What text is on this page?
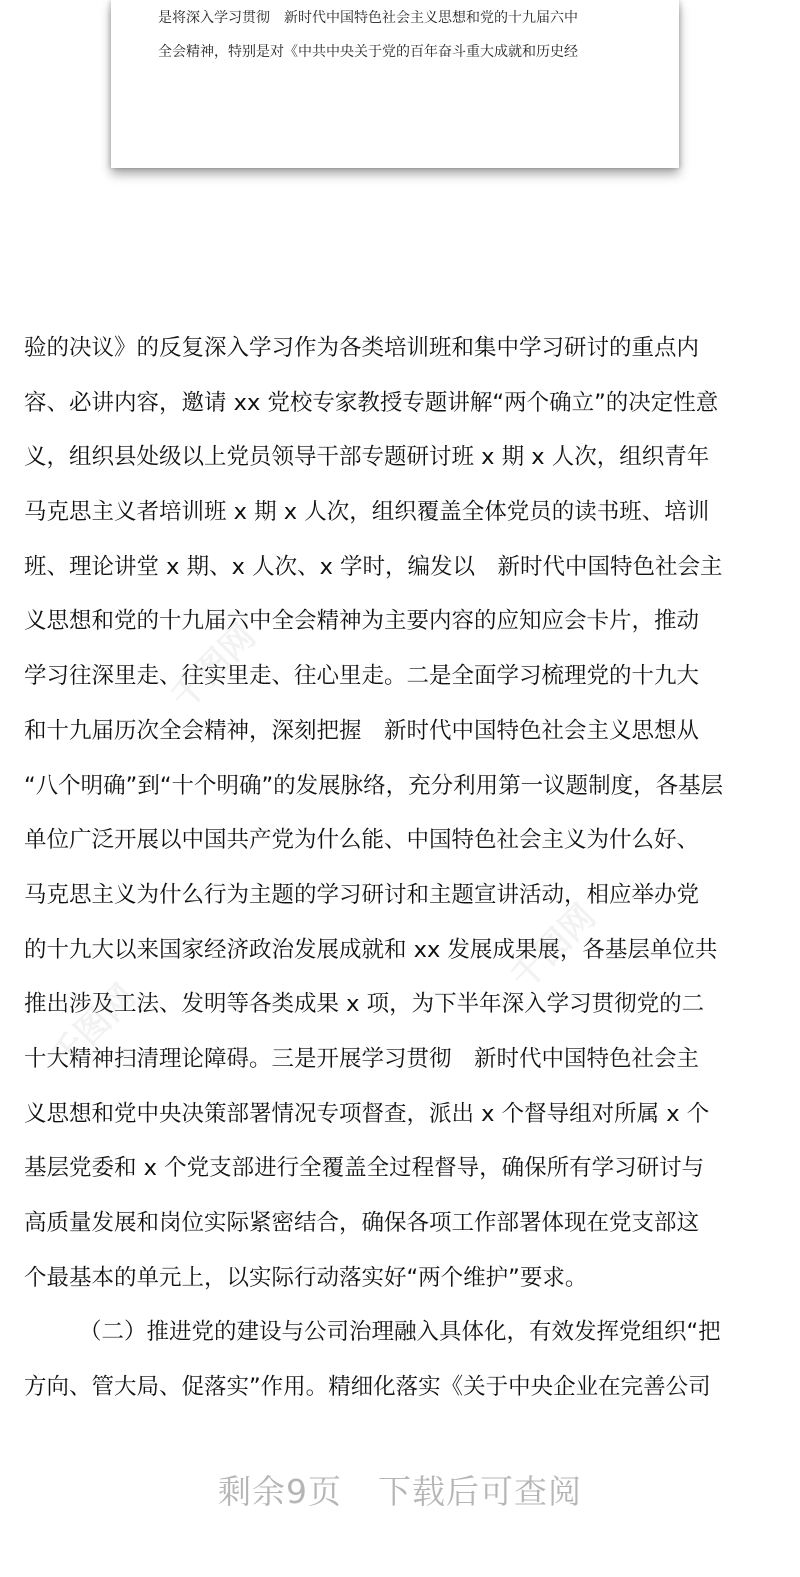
是将深入学习贯彻　新时代中国特色社会主义思想和党的十九届六中
全会精神，特别是对《中共中央关于党的百年奋斗重大成就和历史经
验的决议》的反复深入学习作为各类培训班和集中学习研讨的重点内
容、必讲内容，邀请 xx 党校专家教授专题讲解“两个确立”的决定性意
义，组织县处级以上党员领导干部专题研讨班 x 期 x 人次，组织青年
马克思主义者培训班 x 期 x 人次，组织覆盖全体党员的读书班、培训
班、理论讲堂 x 期、x 人次、x 学时，编发以　新时代中国特色社会主
义思想和党的十九届六中全会精神为主要内容的应知应会卡片，推动
学习往深里走、往实里走、往心里走。二是全面学习梳理党的十九大
和十九届历次全会精神，深刻把握　新时代中国特色社会主义思想从
“八个明确”到“十个明确”的发展脉络，充分利用第一议题制度，各基层
单位广泛开展以中国共产党为什么能、中国特色社会主义为什么好、
马克思主义为什么行为主题的学习研讨和主题宣讲活动，相应举办党
的十九大以来国家经济政治发展成就和 xx 发展成果展，各基层单位共
推出涉及工法、发明等各类成果 x 项，为下半年深入学习贯彻党的二
十大精神扫清理论障碍。三是开展学习贯彻　新时代中国特色社会主
义思想和党中央决策部署情况专项督查，派出 x 个督导组对所属 x 个
基层党委和 x 个党支部进行全覆盖全过程督导，确保所有学习研讨与
高质量发展和岗位实际紧密结合，确保各项工作部署体现在党支部这
个最基本的单元上，以实际行动落实好“两个维护”要求。
（二）推进党的建设与公司治理融入具体化，有效发挥党组织“把
方向、管大局、促落实”作用。精细化落实《关于中央企业在完善公司
千图网
千图网
千图网
剩余9页 下载后可查阅
